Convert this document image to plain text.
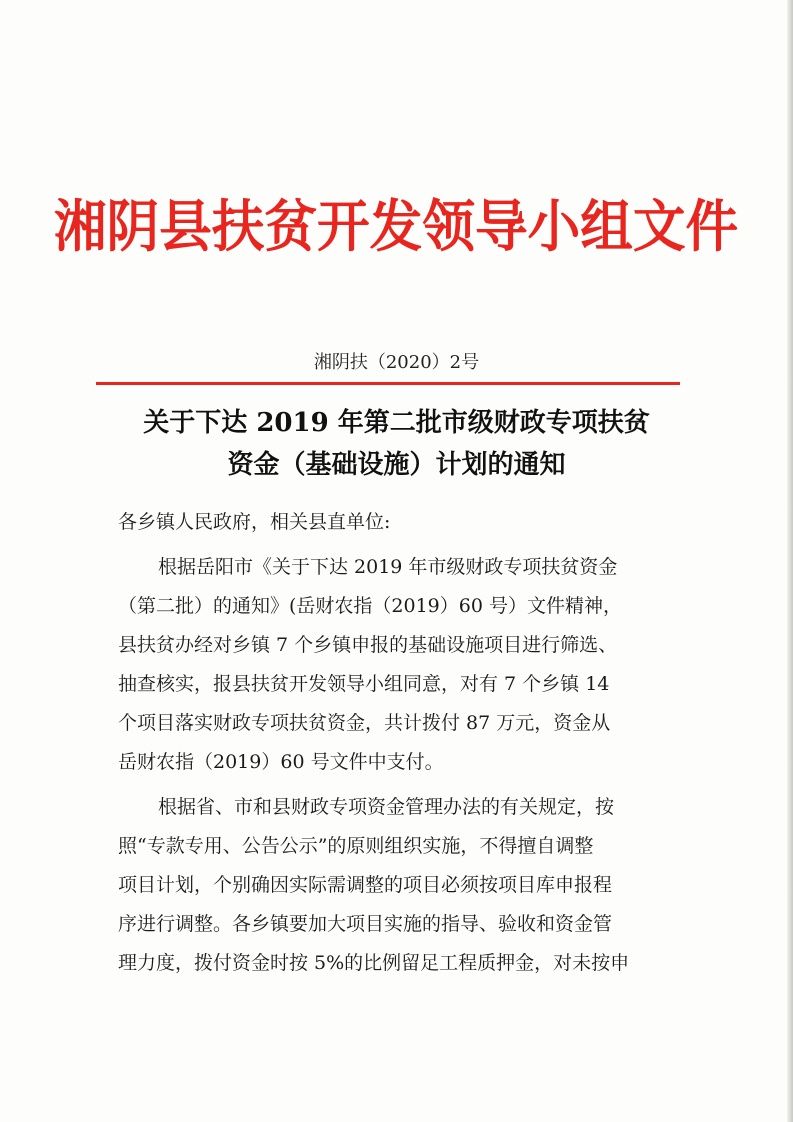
湘阴县扶贫开发领导小组文件
湘阴扶（2020）2号
关于下达 2019 年第二批市级财政专项扶贫
资金（基础设施）计划的通知
各乡镇人民政府，相关县直单位:
根据岳阳市《关于下达 2019 年市级财政专项扶贫资金
（第二批）的通知》(岳财农指（2019）60 号）文件精神，
县扶贫办经对乡镇 7 个乡镇申报的基础设施项目进行筛选、
抽查核实，报县扶贫开发领导小组同意，对有 7 个乡镇 14
个项目落实财政专项扶贫资金，共计拨付 87 万元，资金从
岳财农指（2019）60 号文件中支付。
根据省、市和县财政专项资金管理办法的有关规定，按
照“专款专用、公告公示”的原则组织实施，不得擅自调整
项目计划，个别确因实际需调整的项目必须按项目库申报程
序进行调整。各乡镇要加大项目实施的指导、验收和资金管
理力度，拨付资金时按 5%的比例留足工程质押金，对未按申
